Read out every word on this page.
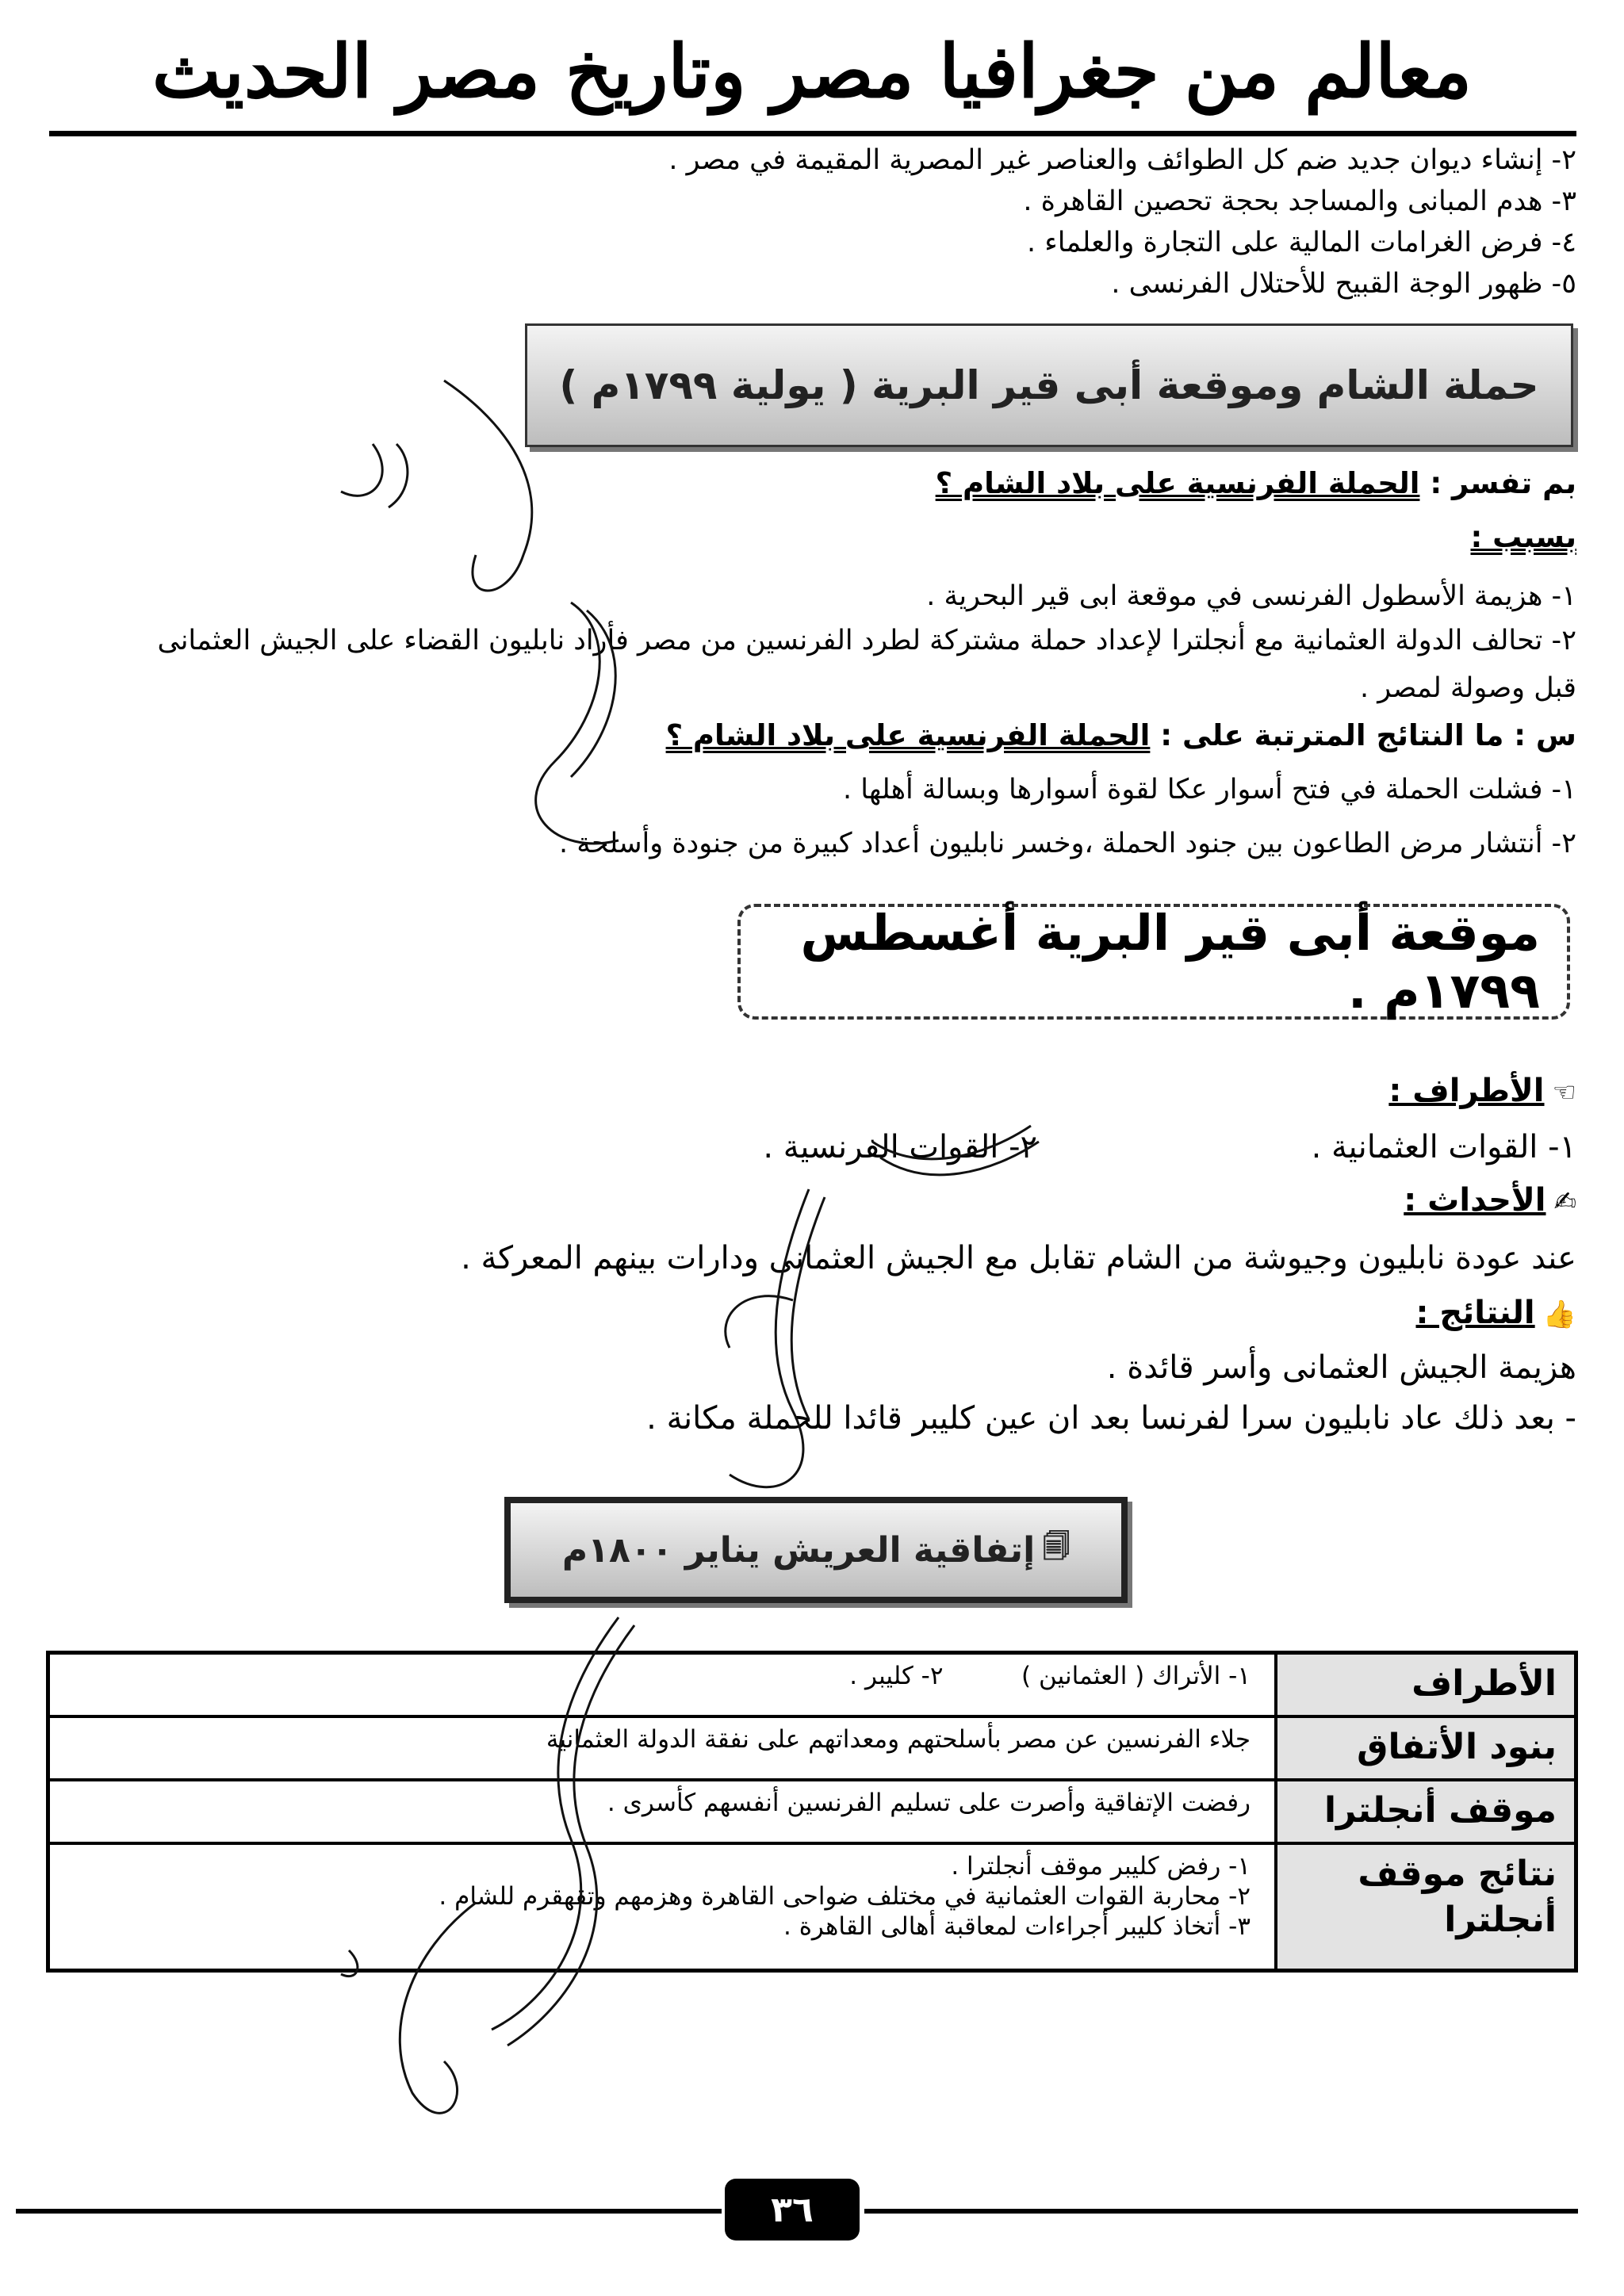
معالم من جغرافيا مصر وتاريخ مصر الحديث
٢- إنشاء ديوان جديد ضم كل الطوائف والعناصر غير المصرية المقيمة في مصر .
٣- هدم المبانى والمساجد بحجة تحصين القاهرة .
٤- فرض الغرامات المالية على التجارة والعلماء .
٥- ظهور الوجة القبيح للأحتلال الفرنسى .
حملة الشام وموقعة أبى قير البرية ( يولية ١٧٩٩م )
بم تفسر : الحملة الفرنسية على بلاد الشام ؟
بسبب :
١- هزيمة الأسطول الفرنسى في موقعة ابى قير البحرية .
٢- تحالف الدولة العثمانية مع أنجلترا لإعداد حملة مشتركة لطرد الفرنسين من مصر فأراد نابليون القضاء على الجيش العثمانى
قبل وصولة لمصر .
س : ما النتائج المترتبة على : الحملة الفرنسية على بلاد الشام ؟
١- فشلت الحملة في فتح أسوار عكا لقوة أسوارها وبسالة أهلها .
٢- أنتشار مرض الطاعون بين جنود الحملة ،وخسر نابليون أعداد كبيرة من جنودة وأسلحة .
موقعة أبى قير البرية أغسطس ١٧٩٩م .
☜الأطراف :
١- القوات العثمانية .
٢- القوات الفرنسية .
✍الأحداث :
عند عودة نابليون وجيوشة من الشام تقابل مع الجيش العثمانى ودارات بينهم المعركة .
👍النتائج :
هزيمة الجيش العثمانى وأسر قائدة .
- بعد ذلك عاد نابليون سرا لفرنسا بعد ان عين كليبر قائدا للحملة مكانة .
🗐
إتفاقية العريش يناير ١٨٠٠م
الأطراف	١- الأتراك ( العثمانين )          ٢- كليبر .

بنود الأتفاق	جلاء الفرنسين عن مصر بأسلحتهم ومعداتهم على نفقة الدولة العثمانية

موقف أنجلترا	رفضت الإتفاقية وأصرت على تسليم الفرنسين أنفسهم كأسرى .

نتائج موقف أنجلترا	١- رفض كليبر موقف أنجلترا .
٢- محاربة القوات العثمانية في مختلف ضواحى القاهرة وهزمهم وتقهقرم للشام .
٣- أتخاذ كليبر أجراءات لمعاقبة أهالى القاهرة .
٣٦
